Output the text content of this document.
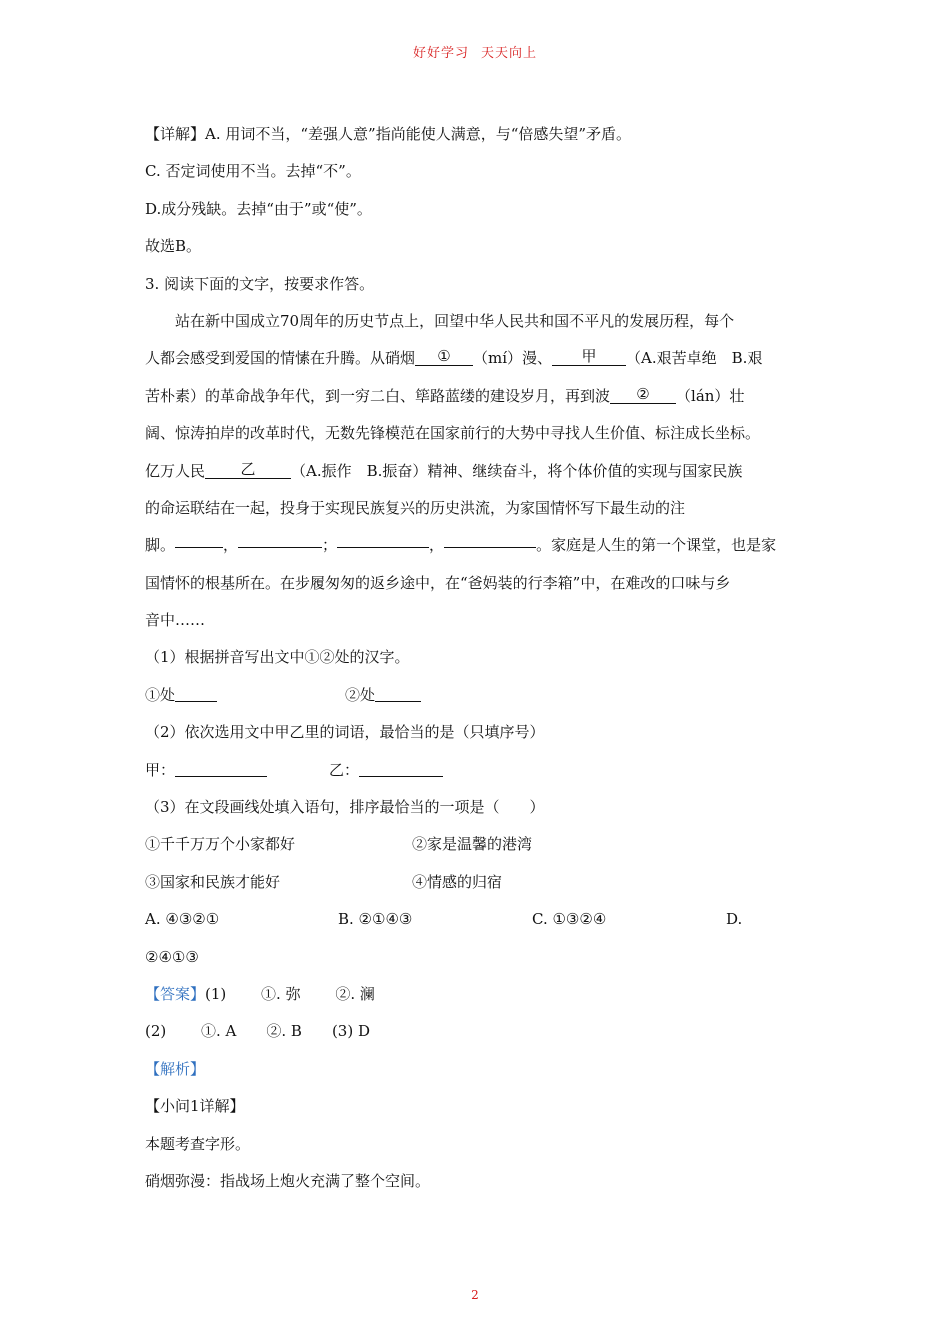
好好学习 天天向上
【详解】A. 用词不当，“差强人意”指尚能使人满意，与“倍感失望”矛盾。
C. 否定词使用不当。去掉“不”。
D.成分残缺。去掉“由于”或“使”。
故选B。
3. 阅读下面的文字，按要求作答。
站在新中国成立70周年的历史节点上，回望中华人民共和国不平凡的发展历程，每个
人都会感受到爱国的情愫在升腾。从硝烟 ① （mí）漫、 甲 （A.艰苦卓绝　B.艰
苦朴素）的革命战争年代，到一穷二白、筚路蓝缕的建设岁月，再到波 ② （lán）壮
阔、惊涛拍岸的改革时代，无数先锋模范在国家前行的大势中寻找人生价值、标注成长坐标。
亿万人民 乙 （A.振作　B.振奋）精神、继续奋斗，将个体价值的实现与国家民族
的命运联结在一起，投身于实现民族复兴的历史洪流，为家国情怀写下最生动的注
脚。	，	；	，	。家庭是人生的第一个课堂，也是家
国情怀的根基所在。在步履匆匆的返乡途中，在“爸妈装的行李箱”中，在难改的口味与乡
音中……
（1）根据拼音写出文中①②处的汉字。
①处	②处
（2）依次选用文中甲乙里的词语，最恰当的是（只填序号）
甲：	乙：
（3）在文段画线处填入语句，排序最恰当的一项是（　　）
①千千万万个小家都好	②家是温馨的港湾
③国家和民族才能好	④情感的归宿
A. ④③②①	B. ②①④③	C. ①③②④	D.
②④①③
【答案】(1)　　 ①. 弥　　 ②. 澜
(2)　　 ①. A　　②. B　　(3) D
【解析】
【小问1详解】
本题考查字形。
硝烟弥漫：指战场上炮火充满了整个空间。
2
